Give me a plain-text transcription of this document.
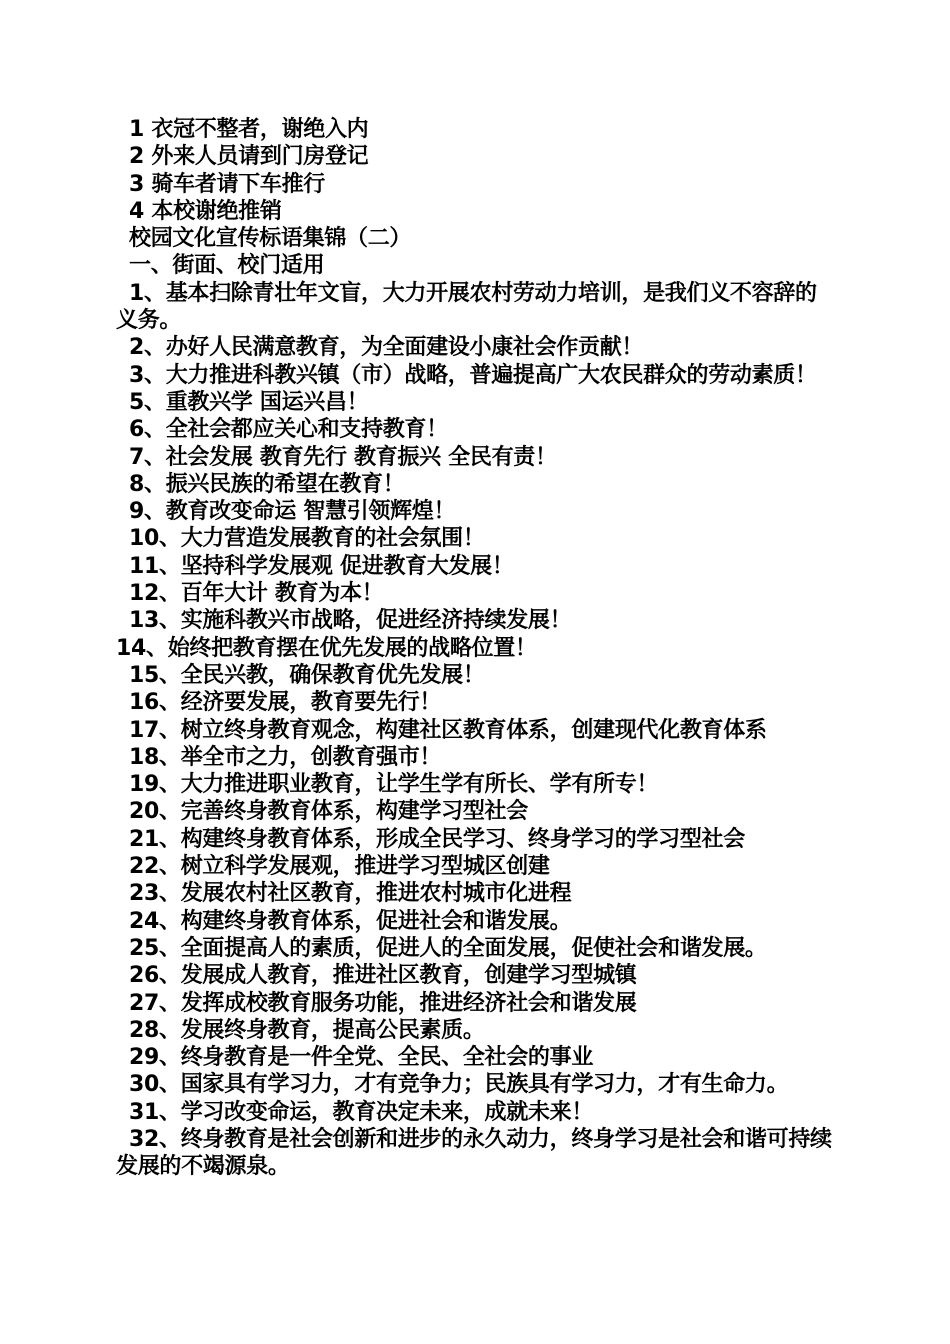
1 衣冠不整者，谢绝入内
2 外来人员请到门房登记
3 骑车者请下车推行
4 本校谢绝推销
校园文化宣传标语集锦（二）
一、街面、校门适用
1、基本扫除青壮年文盲，大力开展农村劳动力培训，是我们义不容辞的义务。
2、办好人民满意教育，为全面建设小康社会作贡献！
3、大力推进科教兴镇（市）战略，普遍提高广大农民群众的劳动素质！
5、重教兴学 国运兴昌！
6、全社会都应关心和支持教育！
7、社会发展 教育先行 教育振兴 全民有责！
8、振兴民族的希望在教育！
9、教育改变命运 智慧引领辉煌！
10、大力营造发展教育的社会氛围！
11、坚持科学发展观 促进教育大发展！
12、百年大计 教育为本！
13、实施科教兴市战略，促进经济持续发展！
14、始终把教育摆在优先发展的战略位置！
15、全民兴教，确保教育优先发展！
16、经济要发展，教育要先行！
17、树立终身教育观念，构建社区教育体系，创建现代化教育体系
18、举全市之力，创教育强市！
19、大力推进职业教育，让学生学有所长、学有所专！
20、完善终身教育体系，构建学习型社会
21、构建终身教育体系，形成全民学习、终身学习的学习型社会
22、树立科学发展观，推进学习型城区创建
23、发展农村社区教育，推进农村城市化进程
24、构建终身教育体系，促进社会和谐发展。
25、全面提高人的素质，促进人的全面发展，促使社会和谐发展。
26、发展成人教育，推进社区教育，创建学习型城镇
27、发挥成校教育服务功能，推进经济社会和谐发展
28、发展终身教育，提高公民素质。
29、终身教育是一件全党、全民、全社会的事业
30、国家具有学习力，才有竞争力；民族具有学习力，才有生命力。
31、学习改变命运，教育决定未来，成就未来！
32、终身教育是社会创新和进步的永久动力，终身学习是社会和谐可持续发展的不竭源泉。
